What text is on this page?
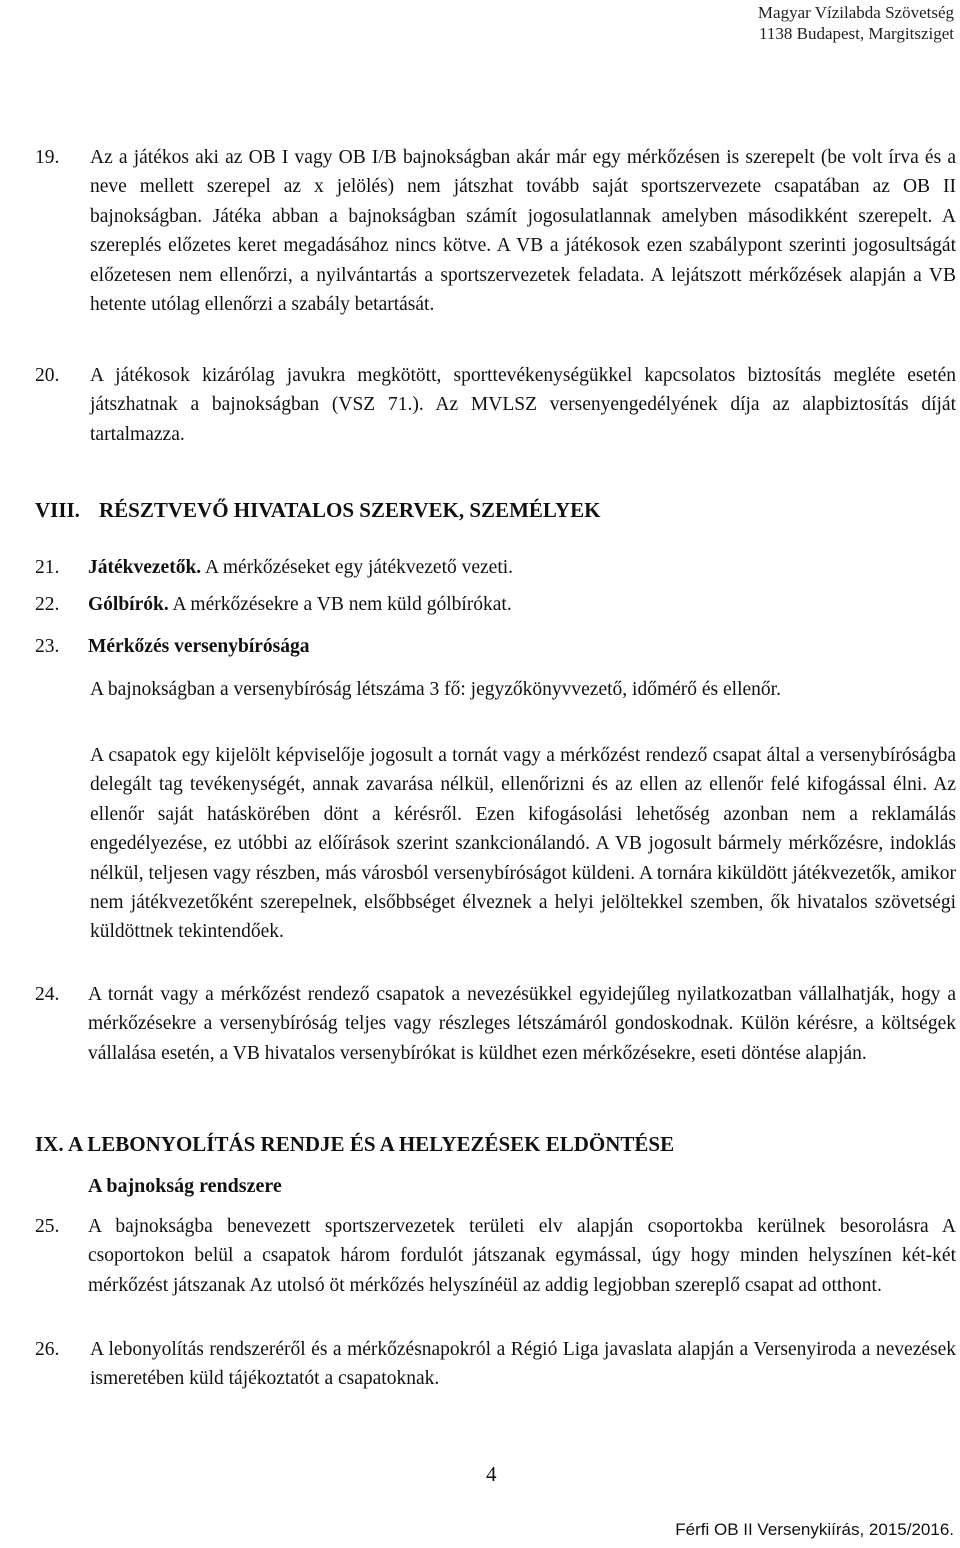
Magyar Vízilabda Szövetség
1138 Budapest, Margitsziget
19. Az a játékos aki az OB I vagy OB I/B bajnokságban akár már egy mérkőzésen is szerepelt (be volt írva és a neve mellett szerepel az x jelölés) nem játszhat tovább saját sportszervezete csapatában az OB II bajnokságban. Játéka abban a bajnokságban számít jogosulatlannak amelyben másodikként szerepelt. A szereplés előzetes keret megadásához nincs kötve. A VB a játékosok ezen szabálypont szerinti jogosultságát előzetesen nem ellenőrzi, a nyilvántartás a sportszervezetek feladata. A lejátszott mérkőzések alapján a VB hetente utólag ellenőrzi a szabály betartását.
20. A játékosok kizárólag javukra megkötött, sporttevékenységükkel kapcsolatos biztosítás megléte esetén játszhatnak a bajnokságban (VSZ 71.). Az MVLSZ versenyengedélyének díja az alapbiztosítás díját tartalmazza.
VIII. RÉSZTVEVŐ HIVATALOS SZERVEK, SZEMÉLYEK
21. Játékvezetők. A mérkőzéseket egy játékvezető vezeti.
22. Gólbírók. A mérkőzésekre a VB nem küld gólbírókat.
23. Mérkőzés versenybírósága
A bajnokságban a versenybíróság létszáma 3 fő: jegyzőkönyvvezető, időmérő és ellenőr.
A csapatok egy kijelölt képviselője jogosult a tornát vagy a mérkőzést rendező csapat által a versenybíróságba delegált tag tevékenységét, annak zavarása nélkül, ellenőrizni és az ellen az ellenőr felé kifogással élni. Az ellenőr saját hatáskörében dönt a kérésről. Ezen kifogásolási lehetőség azonban nem a reklamálás engedélyezése, ez utóbbi az előírások szerint szankcionálandó. A VB jogosult bármely mérkőzésre, indoklás nélkül, teljesen vagy részben, más városból versenybíróságot küldeni. A tornára kiküldött játékvezetők, amikor nem játékvezetőként szerepelnek, elsőbbséget élveznek a helyi jelöltekkel szemben, ők hivatalos szövetségi küldöttnek tekintendőek.
24. A tornát vagy a mérkőzést rendező csapatok a nevezésükkel egyidejűleg nyilatkozatban vállalhatják, hogy a mérkőzésekre a versenybíróság teljes vagy részleges létszámáról gondoskodnak. Külön kérésre, a költségek vállalása esetén, a VB hivatalos versenybírókat is küldhet ezen mérkőzésekre, eseti döntése alapján.
IX. A LEBONYOLÍTÁS RENDJE ÉS A HELYEZÉSEK ELDÖNTÉSE
A bajnokság rendszere
25. A bajnokságba benevezett sportszervezetek területi elv alapján csoportokba kerülnek besorolásra A csoportokon belül a csapatok három fordulót játszanak egymással, úgy hogy minden helyszínen két-két mérkőzést játszanak Az utolsó öt mérkőzés helyszínéül az addig legjobban szereplő csapat ad otthont.
26. A lebonyolítás rendszeréről és a mérkőzésnapokról a Régió Liga javaslata alapján a Versenyiroda a nevezések ismeretében küld tájékoztatót a csapatoknak.
4
Férfi OB II Versenykiírás, 2015/2016.
